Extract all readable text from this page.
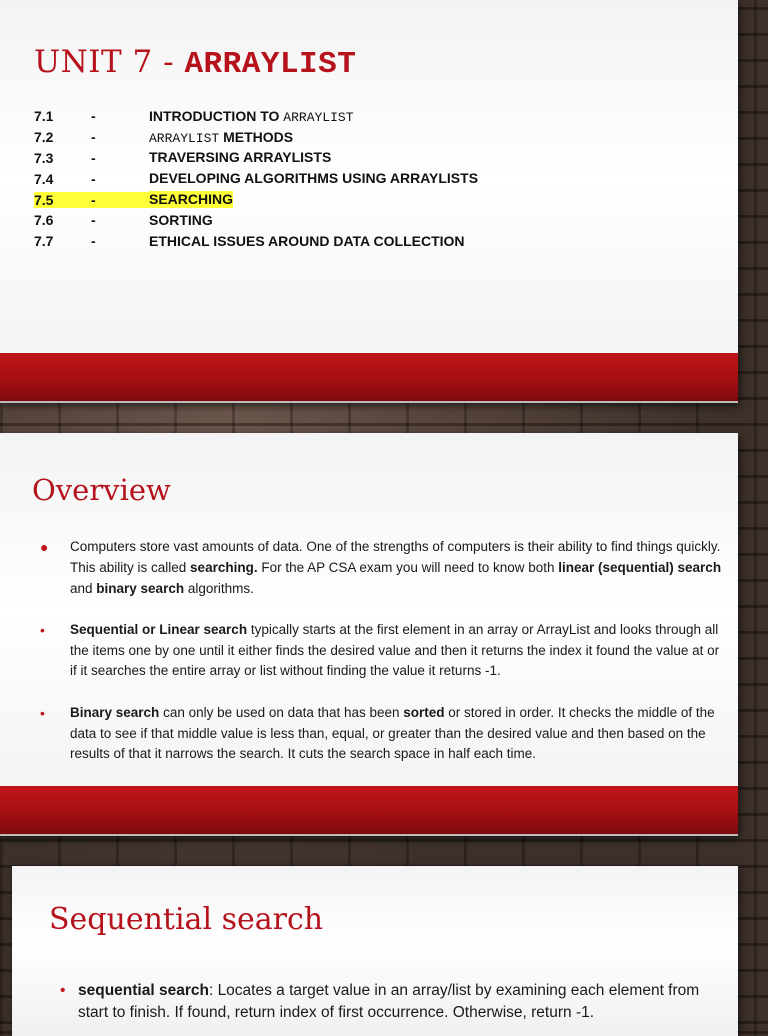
UNIT 7 - ARRAYLIST
7.1	-	INTRODUCTION TO ARRAYLIST
7.2	-	ARRAYLIST METHODS
7.3	-	TRAVERSING ARRAYLISTS
7.4	-	DEVELOPING ALGORITHMS USING ARRAYLISTS
7.5	-	SEARCHING
7.6	-	SORTING
7.7	-	ETHICAL ISSUES AROUND DATA COLLECTION
Overview
● Computers store vast amounts of data. One of the strengths of computers is their ability to find things quickly. This ability is called searching. For the AP CSA exam you will need to know both linear (sequential) search and binary search algorithms.
• Sequential or Linear search typically starts at the first element in an array or ArrayList and looks through all the items one by one until it either finds the desired value and then it returns the index it found the value at or if it searches the entire array or list without finding the value it returns -1.
• Binary search can only be used on data that has been sorted or stored in order. It checks the middle of the data to see if that middle value is less than, equal, or greater than the desired value and then based on the results of that it narrows the search. It cuts the search space in half each time.
Sequential search
• sequential search: Locates a target value in an array/list by examining each element from start to finish. If found, return index of first occurrence. Otherwise, return -1.
